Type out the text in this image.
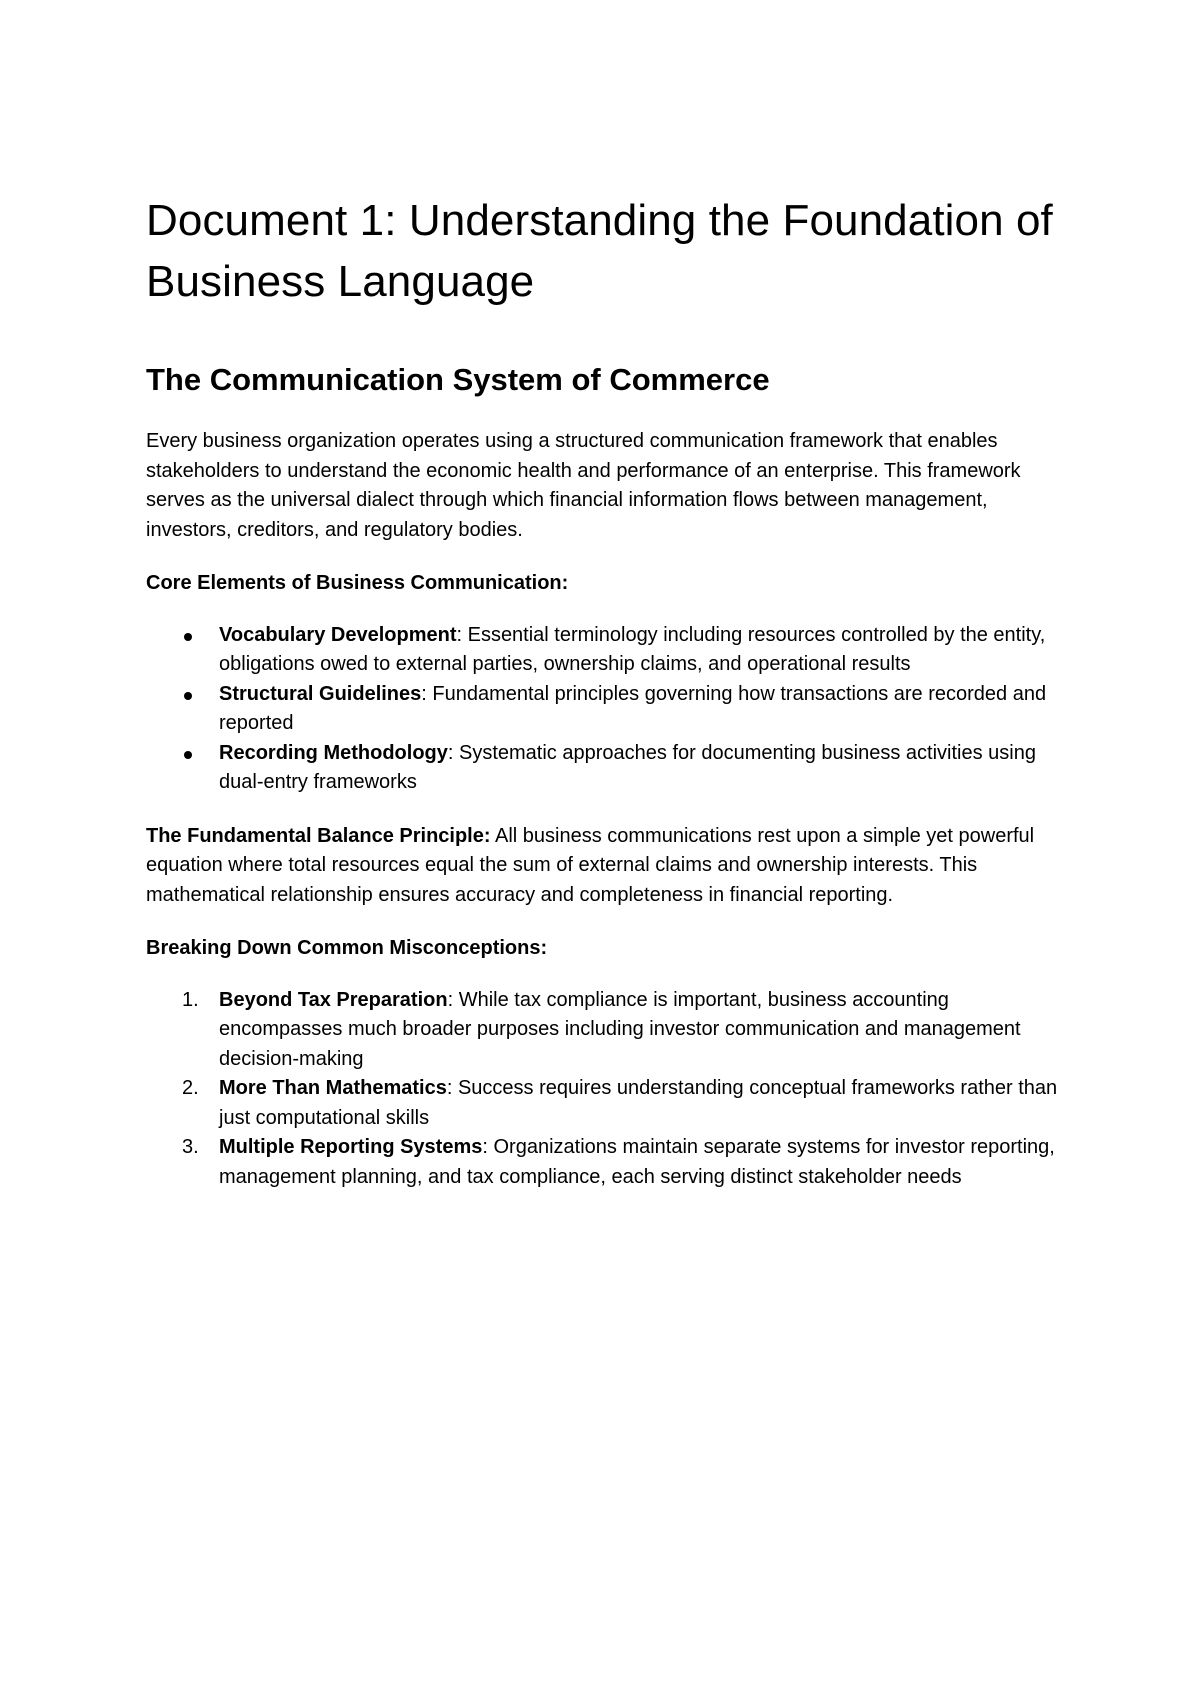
Document 1: Understanding the Foundation of Business Language
The Communication System of Commerce

Every business organization operates using a structured communication framework that enables stakeholders to understand the economic health and performance of an enterprise. This framework serves as the universal dialect through which financial information flows between management, investors, creditors, and regulatory bodies.

Core Elements of Business Communication:

Vocabulary Development: Essential terminology including resources controlled by the entity, obligations owed to external parties, ownership claims, and operational results
Structural Guidelines: Fundamental principles governing how transactions are recorded and reported
Recording Methodology: Systematic approaches for documenting business activities using dual-entry frameworks

The Fundamental Balance Principle: All business communications rest upon a simple yet powerful equation where total resources equal the sum of external claims and ownership interests. This mathematical relationship ensures accuracy and completeness in financial reporting.

Breaking Down Common Misconceptions:

1. Beyond Tax Preparation: While tax compliance is important, business accounting encompasses much broader purposes including investor communication and management decision-making
2. More Than Mathematics: Success requires understanding conceptual frameworks rather than just computational skills
3. Multiple Reporting Systems: Organizations maintain separate systems for investor reporting, management planning, and tax compliance, each serving distinct stakeholder needs
